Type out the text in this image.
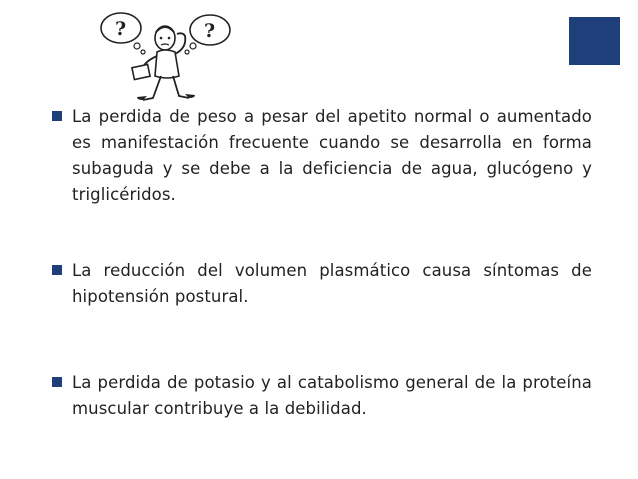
?	?
La perdida de peso a pesar del apetito normal o aumentado es manifestación frecuente cuando se desarrolla en forma subaguda y se debe a la deficiencia de agua, glucógeno y triglicéridos.
La reducción del volumen plasmático causa síntomas de hipotensión postural.
La perdida de potasio y al catabolismo general de la proteína muscular contribuye a la debilidad.
